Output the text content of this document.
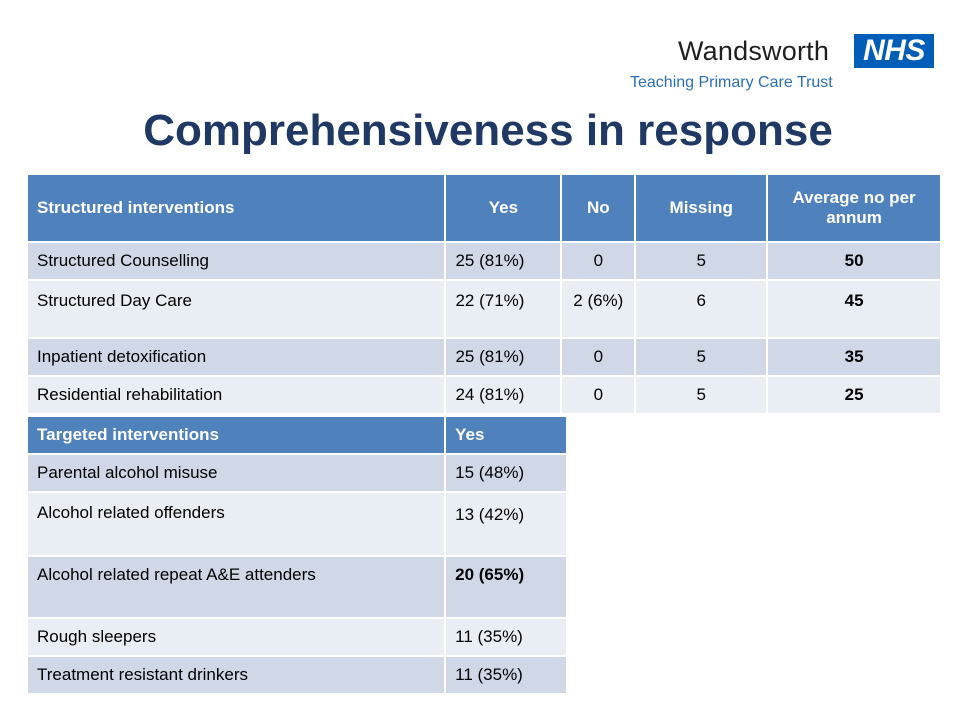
Wandsworth	NHS
Teaching Primary Care Trust
Comprehensiveness in response
Structured interventions	Yes	No	Missing	Average no per annum
Structured Counselling	25 (81%)	0	5	50
Structured Day Care	22 (71%)	2 (6%)	6	45
Inpatient detoxification	25 (81%)	0	5	35
Residential rehabilitation	24 (81%)	0	5	25
Targeted interventions	Yes
Parental alcohol misuse	15 (48%)
Alcohol related offenders	13 (42%)
Alcohol related repeat A&E attenders	20 (65%)
Rough sleepers	11 (35%)
Treatment resistant drinkers	11 (35%)
